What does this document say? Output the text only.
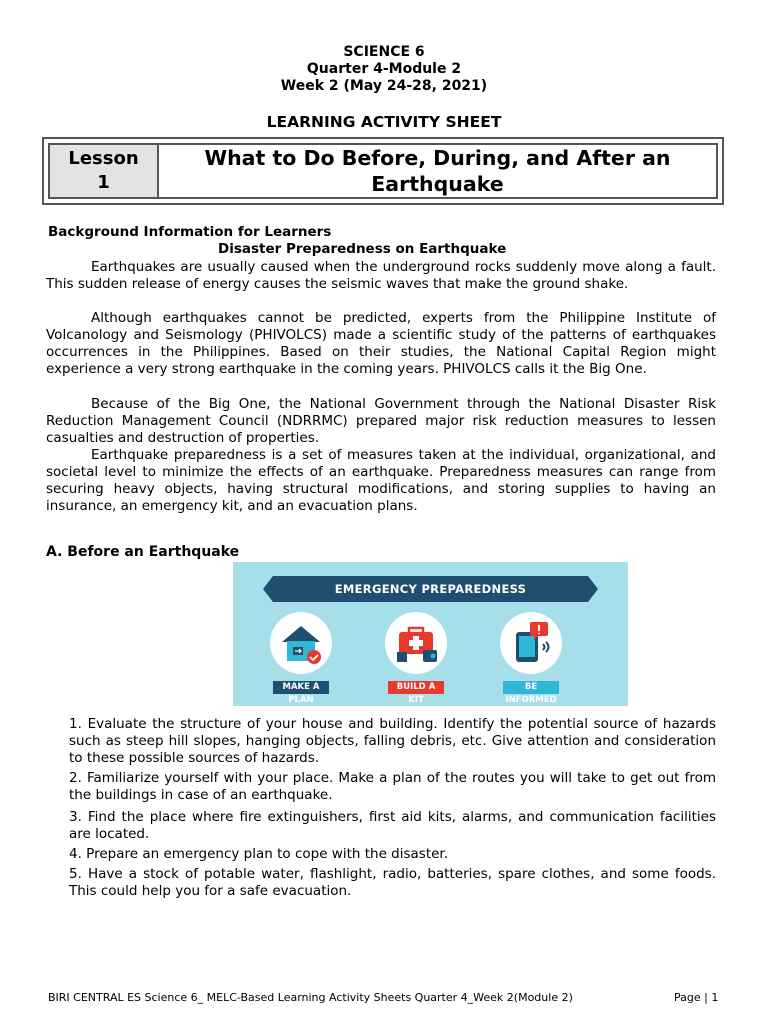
SCIENCE 6
Quarter 4-Module 2
Week 2 (May 24-28, 2021)
LEARNING ACTIVITY SHEET
Lesson
1
What to Do Before, During, and After an Earthquake
Background Information for Learners
Disaster Preparedness on Earthquake

Earthquakes are usually caused when the underground rocks suddenly move along a fault. This sudden release of energy causes the seismic waves that make the ground shake.

Although earthquakes cannot be predicted, experts from the Philippine Institute of Volcanology and Seismology (PHIVOLCS) made a scientific study of the patterns of earthquakes occurrences in the Philippines. Based on their studies, the National Capital Region might experience a very strong earthquake in the coming years. PHIVOLCS calls it the Big One.

Because of the Big One, the National Government through the National Disaster Risk Reduction Management Council (NDRRMC) prepared major risk reduction measures to lessen casualties and destruction of properties.

Earthquake preparedness is a set of measures taken at the individual, organizational, and societal level to minimize the effects of an earthquake. Preparedness measures can range from securing heavy objects, having structural modifications, and storing supplies to having an insurance, an emergency kit, and an evacuation plans.

A. Before an Earthquake
EMERGENCY PREPAREDNESS
MAKE A PLAN
BUILD A KIT
BE INFORMED

1. Evaluate the structure of your house and building. Identify the potential source of hazards such as steep hill slopes, hanging objects, falling debris, etc. Give attention and consideration to these possible sources of hazards.

2. Familiarize yourself with your place. Make a plan of the routes you will take to get out from the buildings in case of an earthquake.

3. Find the place where fire extinguishers, first aid kits, alarms, and communication facilities are located.

4. Prepare an emergency plan to cope with the disaster.

5. Have a stock of potable water, flashlight, radio, batteries, spare clothes, and some foods. This could help you for a safe evacuation.

BIRI CENTRAL ES Science 6_ MELC-Based Learning Activity Sheets Quarter 4_Week 2(Module 2)	Page | 1
